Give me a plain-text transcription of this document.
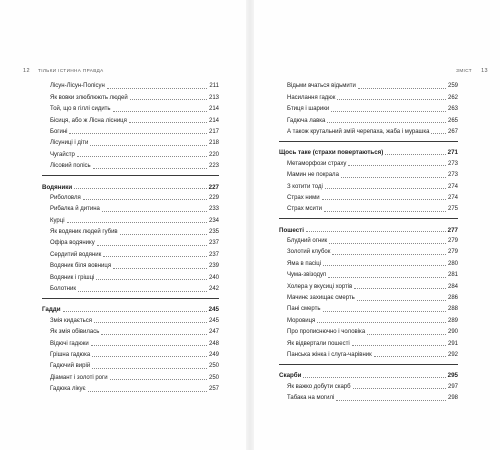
12 ТІЛЬКИ ІСТИННА ПРАВДА
Лісун-Лісун-Полісун	211
Як вовки злюблюють людей	213
Той, що в гіллі сидить	214
Бісиця, або ж Лісна лісниця	214
Богині	217
Лісуниці і діти	218
Чугайстр	220
Лісовий полісь	223
Водяники	227
Риболовля	229
Рибалка й дитина	233
Курці	234
Як водяник людей губив	235
Офіра водянику	237
Сердитий водяник	237
Водяник біля вовниця	239
Водяник і грішці	240
Болотник	242
Гадди	245
Змія кидається	245
Як змія обівилась	247
Відючі гадюки	248
Грішна гадюка	249
Гадючий вирій	250
Діамант і золоті роги	250
Гадюка лікує	257
ЗМІСТ 13
Відьми вчаться відьмити	259
Насилання гадюк	262
Бтиця і шарики	263
Гадюча лавка	265
А також крутальний змій черепаха, жаба і мурашка	267
Щось таке (страхи повертаються)	271
Метаморфози страху	273
Мамин не покрала	273
З котити тоді	274
Страх ними	274
Страх мсити	275
Пошесті	277
Блудний огник	279
Золотий клубок	279
Яма в пасіці	280
Чума-звізодуп	281
Холера у вкусиці хортів	284
Мачинє захищає смерть	286
Пані смерть	288
Моровиця	289
Про прописнючно і чоловіка	290
Як відвертали пошесті	291
Панська жінка і слуга-чарівник	292
Скарби	295
Як важко добути скарб	297
Табака на могилі	298
